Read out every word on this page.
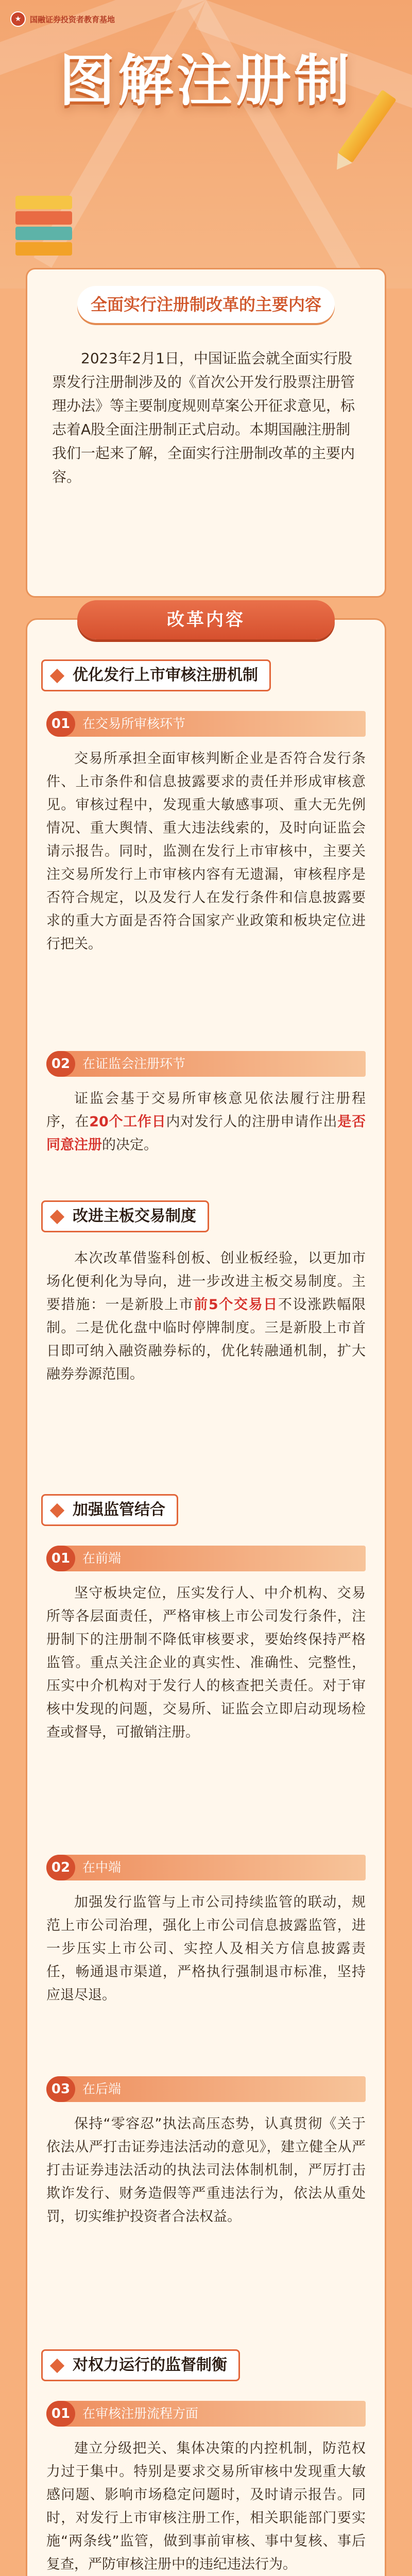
★	国融证券投资者教育基地
图解注册制

2023年2月1日，中国证监会就全面实行股票发行注册制涉及的《首次公开发行股票注册管理办法》等主要制度规则草案公开征求意见，标志着A股全面注册制正式启动。本期国融注册制我们一起来了解，全面实行注册制改革的主要内容。

全面实行注册制改革的主要内容
改革内容
优化发行上市审核注册机制
01 在交易所审核环节
交易所承担全面审核判断企业是否符合发行条件、上市条件和信息披露要求的责任并形成审核意见。审核过程中，发现重大敏感事项、重大无先例情况、重大舆情、重大违法线索的，及时向证监会请示报告。同时，监测在发行上市审核中，主要关注交易所发行上市审核内容有无遗漏，审核程序是否符合规定，以及发行人在发行条件和信息披露要求的重大方面是否符合国家产业政策和板块定位进行把关。
02 在证监会注册环节
证监会基于交易所审核意见依法履行注册程序，在20个工作日内对发行人的注册申请作出是否同意注册的决定。
改进主板交易制度
本次改革借鉴科创板、创业板经验，以更加市场化便利化为导向，进一步改进主板交易制度。主要措施：一是新股上市前5个交易日不设涨跌幅限制。二是优化盘中临时停牌制度。三是新股上市首日即可纳入融资融券标的，优化转融通机制，扩大融券券源范围。
加强监管结合
01 在前端
坚守板块定位，压实发行人、中介机构、交易所等各层面责任，严格审核上市公司发行条件，注册制下的注册制不降低审核要求，要始终保持严格监管。重点关注企业的真实性、准确性、完整性，压实中介机构对于发行人的核查把关责任。对于审核中发现的问题，交易所、证监会立即启动现场检查或督导，可撤销注册。
02 在中端
加强发行监管与上市公司持续监管的联动，规范上市公司治理，强化上市公司信息披露监管，进一步压实上市公司、实控人及相关方信息披露责任，畅通退市渠道，严格执行强制退市标准，坚持应退尽退。
03 在后端
保持“零容忍”执法高压态势，认真贯彻《关于依法从严打击证券违法活动的意见》，建立健全从严打击证券违法活动的执法司法体制机制，严厉打击欺诈发行、财务造假等严重违法行为，依法从重处罚，切实维护投资者合法权益。
对权力运行的监督制衡
01 在审核注册流程方面
建立分级把关、集体决策的内控机制，防范权力过于集中。特别是要求交易所审核中发现重大敏感问题、影响市场稳定问题时，及时请示报告。同时，对发行上市审核注册工作，相关职能部门要实施“两条线”监管，做到事前审核、事中复核、事后复查，严防审核注册中的违纪违法行为。
